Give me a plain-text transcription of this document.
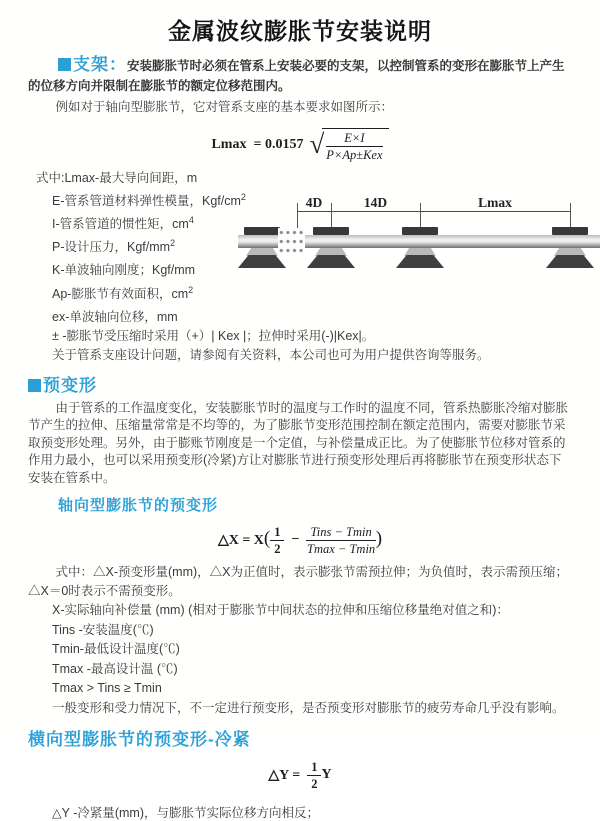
金属波纹膨胀节安装说明

支架：安装膨胀节时必须在管系上安装必要的支架，以控制管系的变形在膨胀节上产生的位移方向并限制在膨胀节的额定位移范围内。

例如对于轴向型膨胀节，它对管系支座的基本要求如图所示：

Lmax = 0.0157 √ $\frac{E\times I}{\text{P×Ap±Kex}}$

式中:Lmax-最大导向间距，m

E-管系管道材料弹性模量，Kgf/$cm^2$

I-管系管道的惯性矩，$cm^4$

P-设计压力，Kgf/$mm^2$

K-单波轴向刚度；Kgf/mm

Ap-膨胀节有效面积，$cm^2$

ex-单波轴向位移，mm

± -膨胀节受压缩时采用（+）| Kex |；拉伸时采用(-)|Kex|。

关于管系支座设计问题，请参阅有关资料，本公司也可为用户提供咨询等服务。

4D	14D	Lmax
预变形

由于管系的工作温度变化，安装膨胀节时的温度与工作时的温度不同，管系热膨胀冷缩对膨胀节产生的拉伸、压缩量常常是不均等的，为了膨胀节变形范围控制在额定范围内，需要对膨胀节采取预变形处理。另外，由于膨账节刚度是一个定值，与补偿量成正比。为了使膨胀节位移对管系的作用力最小，也可以采用预变形(冷紧)方让对膨胀节进行预变形处理后再将膨胀节在预变形状态下安装在管系中。

轴向型膨胀节的预变形
△X = X ( $\frac{1}{2} - \frac{\text{Tins − Tmin}}{Tmax - Tmin}$ )

式中：△X-预变形量(mm)，△X为正值时，表示膨张节需预拉伸；为负值时，表示需预压缩；△X＝0时表示不需预变形。

X-实际轴向补偿量 (mm) (相对于膨胀节中间状态的拉伸和压缩位移量绝对值之和)：

Tins -安装温度(℃)

Tmin-最低设计温度(℃)

Tmax -最高设计温 (℃)

Tmax > Tins ≥ Tmin

一般变形和受力情况下，不一定进行预变形，是否预变形对膨胀节的疲劳寿命几乎没有影响。

横向型膨胀节的预变形-冷紧
△Y = $\frac{1}{2}$ Y

△Y -冷紧量(mm)，与膨胀节实际位移方向相反；
